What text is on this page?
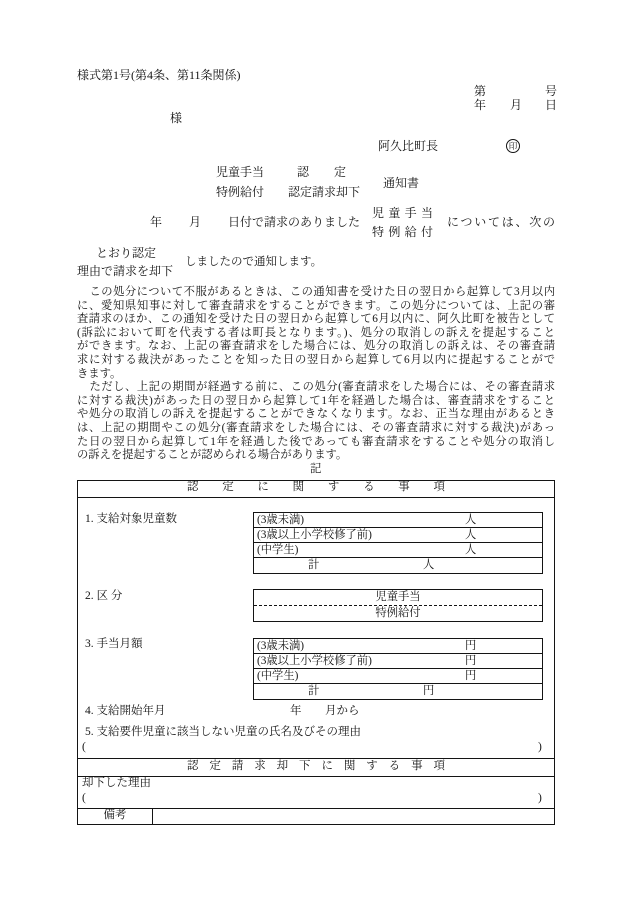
様式第1号(第4条、第11条関係)
第	号
年 月 日
様
阿久比町長	印
児童手当	認定
特例給付 認定請求却下
通知書
年 月 日付で請求のありました
児童手当
特例給付
については、次の
とおり認定
理由で請求を却下
しましたので通知します。
この処分について不服があるときは、この通知書を受けた日の翌日から起算して3月以内
に、愛知県知事に対して審査請求をすることができます。この処分については、上記の審
査請求のほか、この通知を受けた日の翌日から起算して6月以内に、阿久比町を被告として
(訴訟において町を代表する者は町長となります。)、処分の取消しの訴えを提起すること
ができます。なお、上記の審査請求をした場合には、処分の取消しの訴えは、その審査請
求に対する裁決があったことを知った日の翌日から起算して6月以内に提起することがで
きます。
ただし、上記の期間が経過する前に、この処分(審査請求をした場合には、その審査請求
に対する裁決)があった日の翌日から起算して1年を経過した場合は、審査請求をすること
や処分の取消しの訴えを提起することができなくなります。なお、正当な理由があるとき
は、上記の期間やこの処分(審査請求をした場合には、その審査請求に対する裁決)があっ
た日の翌日から起算して1年を経過した後であっても審査請求をすることや処分の取消し
の訴えを提起することが認められる場合があります。
記
認定に関する事項
1. 支給対象児童数	(3歳未満)	人
(3歳以上小学校修了前)	人
(中学生)	人
計	人
2. 区 分	児童手当
特例給付
3. 手当月額	(3歳未満)	円
(3歳以上小学校修了前)	円
(中学生)	円
計	円
4. 支給開始年月	年 月から
5. 支給要件児童に該当しない児童の氏名及びその理由
(	)
認定請求却下に関する事項
却下した理由
(	)
備考
